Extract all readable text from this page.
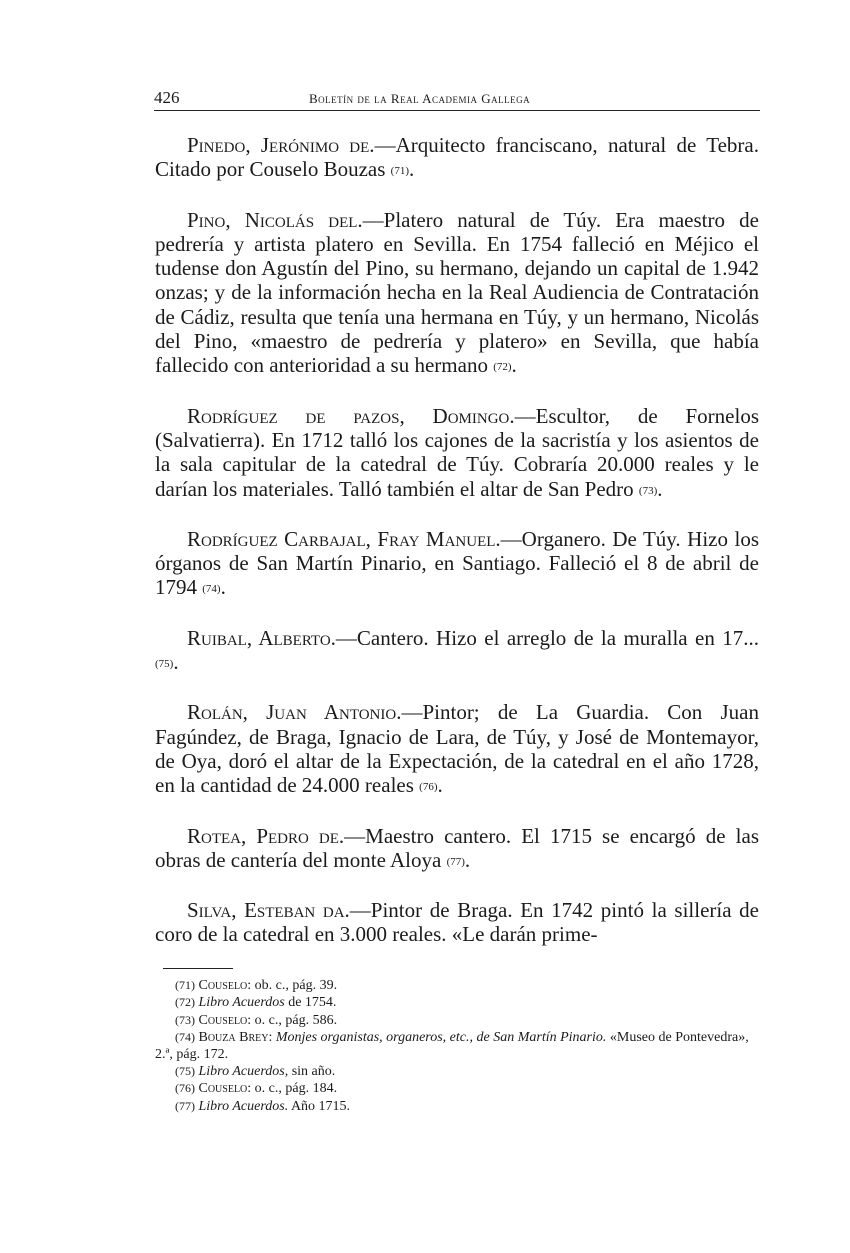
426	Boletín de la Real Academia Gallega

Pinedo, Jerónimo de.—Arquitecto franciscano, natural de Tebra. Citado por Couselo Bouzas $^{(71)}$.

Pino, Nicolás del.—Platero natural de Túy. Era maestro de pedrería y artista platero en Sevilla. En 1754 falleció en Méjico el tudense don Agustín del Pino, su hermano, dejando un capital de 1.942 onzas; y de la información hecha en la Real Audiencia de Contratación de Cádiz, resulta que tenía una hermana en Túy, y un hermano, Nicolás del Pino, «maestro de pedrería y platero» en Sevilla, que había fallecido con anterioridad a su hermano $^{(72)}$.

Rodríguez de pazos, Domingo.—Escultor, de Fornelos (Salvatierra). En 1712 talló los cajones de la sacristía y los asientos de la sala capitular de la catedral de Túy. Cobraría 20.000 reales y le darían los materiales. Talló también el altar de San Pedro $^{(73)}$.

Rodríguez Carbajal, Fray Manuel.—Organero. De Túy. Hizo los órganos de San Martín Pinario, en Santiago. Falleció el 8 de abril de 1794 $^{(74)}$.

Ruibal, Alberto.—Cantero. Hizo el arreglo de la muralla en 17... $^{(75)}$.

Rolán, Juan Antonio.—Pintor; de La Guardia. Con Juan Fagúndez, de Braga, Ignacio de Lara, de Túy, y José de Montemayor, de Oya, doró el altar de la Expectación, de la catedral en el año 1728, en la cantidad de 24.000 reales $^{(76)}$.

Rotea, Pedro de.—Maestro cantero. El 1715 se encargó de las obras de cantería del monte Aloya $^{(77)}$.

Silva, Esteban da.—Pintor de Braga. En 1742 pintó la sillería de coro de la catedral en 3.000 reales. «Le darán prime-

(71) Couselo: ob. c., pág. 39.

(72) Libro Acuerdos de 1754.

(73) Couselo: o. c., pág. 586.

(74) Bouza Brey: Monjes organistas, organeros, etc., de San Martín Pinario. «Museo de Pontevedra», 2.ª, pág. 172.

(75) Libro Acuerdos, sin año.

(76) Couselo: o. c., pág. 184.

(77) Libro Acuerdos. Año 1715.
